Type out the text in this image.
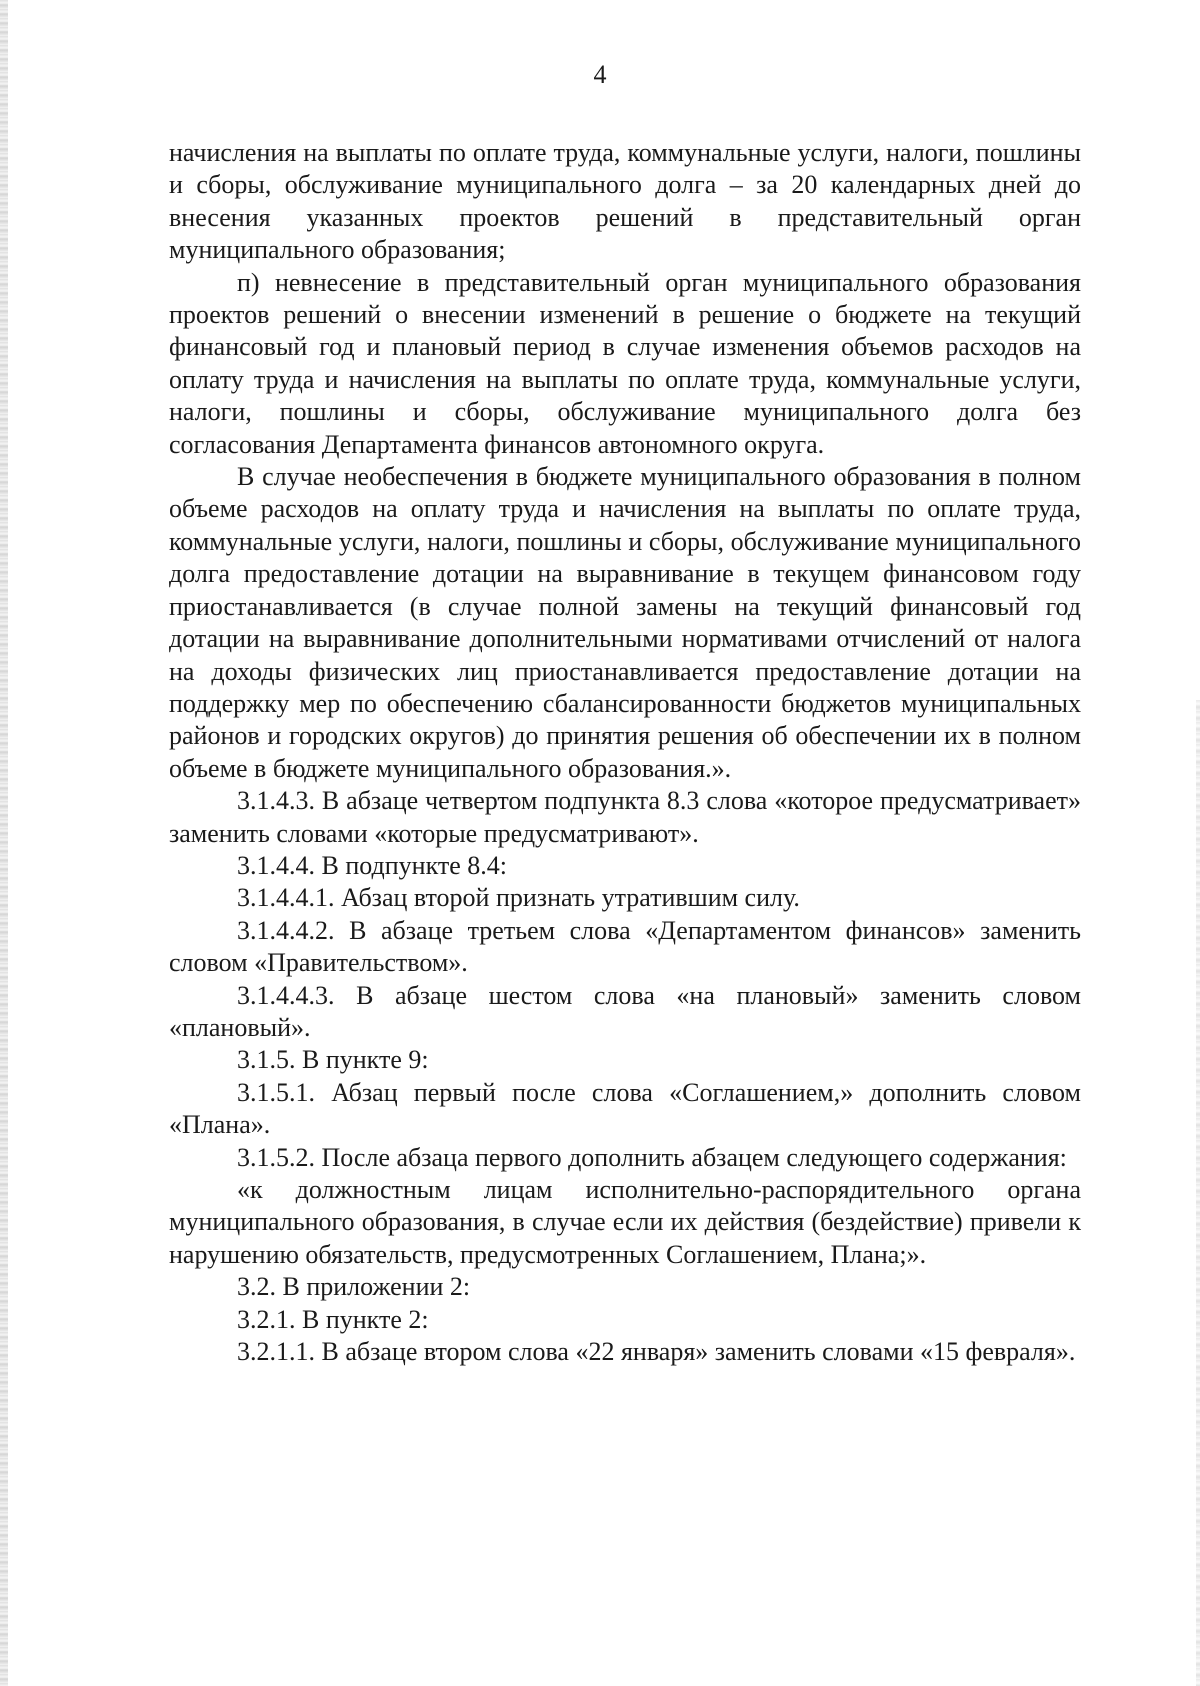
4

начисления на выплаты по оплате труда, коммунальные услуги, налоги, пошлины и сборы, обслуживание муниципального долга – за 20 календарных дней до внесения указанных проектов решений в представительный орган муниципального образования;

п) невнесение в представительный орган муниципального образования проектов решений о внесении изменений в решение о бюджете на текущий финансовый год и плановый период в случае изменения объемов расходов на оплату труда и начисления на выплаты по оплате труда, коммунальные услуги, налоги, пошлины и сборы, обслуживание муниципального долга без согласования Департамента финансов автономного округа.

В случае необеспечения в бюджете муниципального образования в полном объеме расходов на оплату труда и начисления на выплаты по оплате труда, коммунальные услуги, налоги, пошлины и сборы, обслуживание муниципального долга предоставление дотации на выравнивание в текущем финансовом году приостанавливается (в случае полной замены на текущий финансовый год дотации на выравнивание дополнительными нормативами отчислений от налога на доходы физических лиц приостанавливается предоставление дотации на поддержку мер по обеспечению сбалансированности бюджетов муниципальных районов и городских округов) до принятия решения об обеспечении их в полном объеме в бюджете муниципального образования.».

3.1.4.3. В абзаце четвертом подпункта 8.3 слова «которое предусматривает» заменить словами «которые предусматривают».

3.1.4.4. В подпункте 8.4:

3.1.4.4.1. Абзац второй признать утратившим силу.

3.1.4.4.2. В абзаце третьем слова «Департаментом финансов» заменить словом «Правительством».

3.1.4.4.3. В абзаце шестом слова «на плановый» заменить словом «плановый».

3.1.5. В пункте 9:

3.1.5.1. Абзац первый после слова «Соглашением,» дополнить словом «Плана».

3.1.5.2. После абзаца первого дополнить абзацем следующего содержания:

«к должностным лицам исполнительно-распорядительного органа муниципального образования, в случае если их действия (бездействие) привели к нарушению обязательств, предусмотренных Соглашением, Плана;».

3.2. В приложении 2:

3.2.1. В пункте 2:

3.2.1.1. В абзаце втором слова «22 января» заменить словами «15 февраля».
